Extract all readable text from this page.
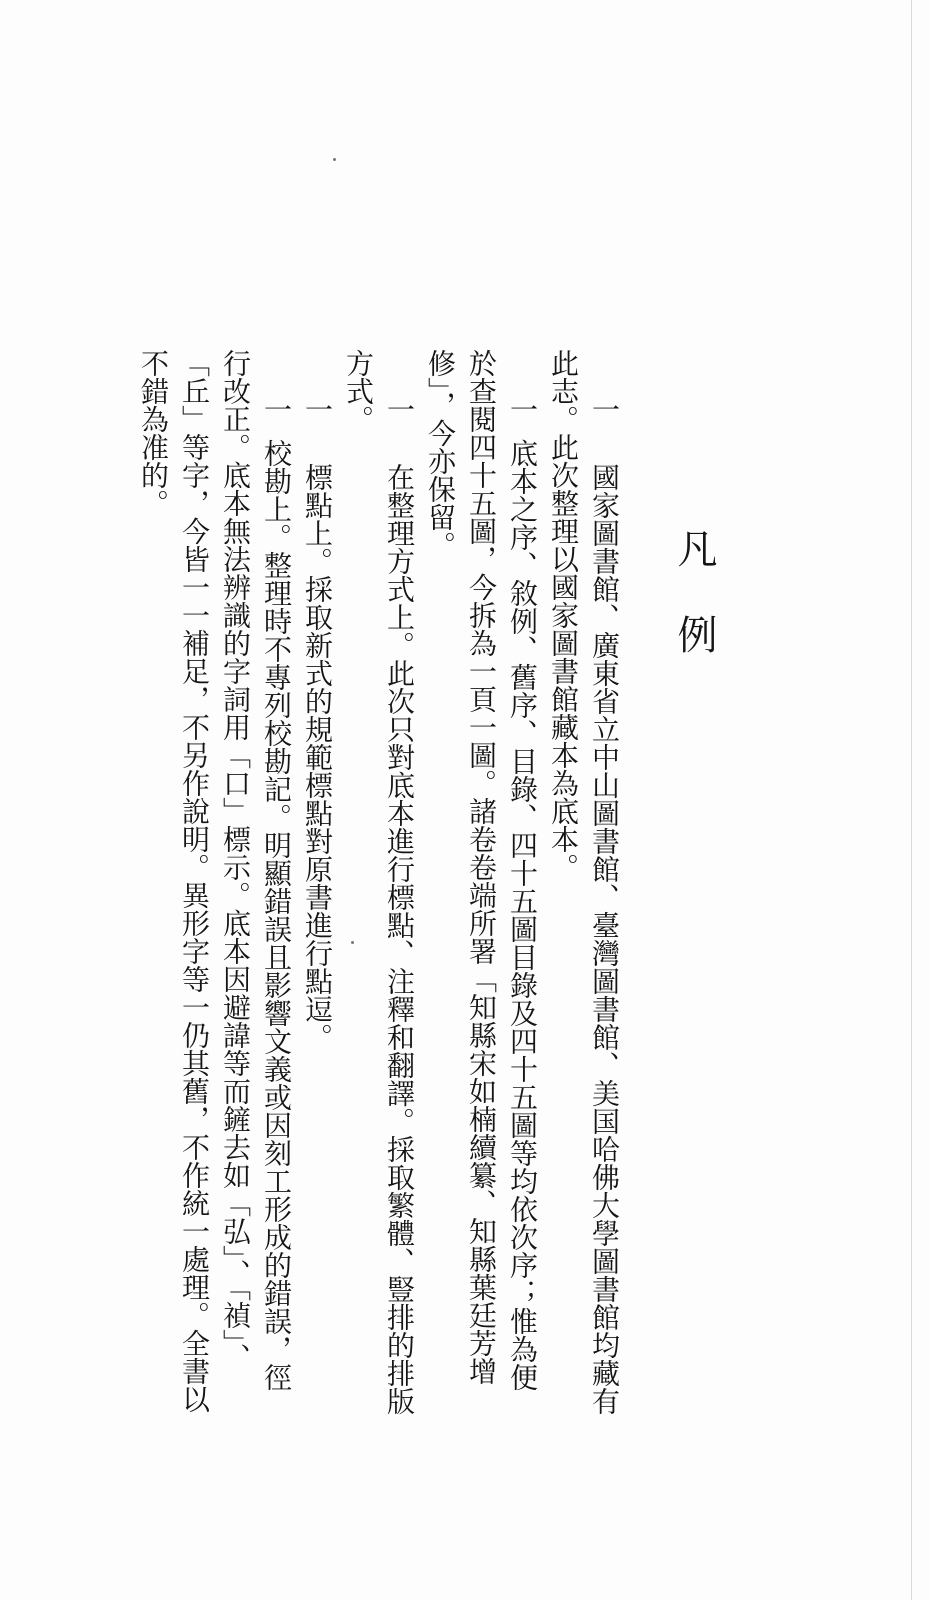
凡例

一國家圖書館、廣東省立中山圖書館、臺灣圖書館、美国哈佛大學圖書館均藏有

此志。此次整理以國家圖書館藏本為底本。

一底本之序、敘例、舊序、目錄、四十五圖目錄及四十五圖等均依次序；惟為便

於查閱四十五圖，今拆為一頁一圖。諸卷卷端所署「知縣宋如楠續纂、知縣葉廷芳增

修」，今亦保留。

一在整理方式上。此次只對底本進行標點、注釋和翻譯。採取繁體、豎排的排版

方式。

一標點上。採取新式的規範標點對原書進行點逗。

一校勘上。整理時不專列校勘記。明顯錯誤且影響文義或因刻工形成的錯誤，徑

行改正。底本無法辨識的字詞用「口」標示。底本因避諱等而鏟去如「弘」、「禎」、

「丘」等字，今皆一一補足，不另作說明。異形字等一仍其舊，不作統一處理。全書以

不錯為准的。
